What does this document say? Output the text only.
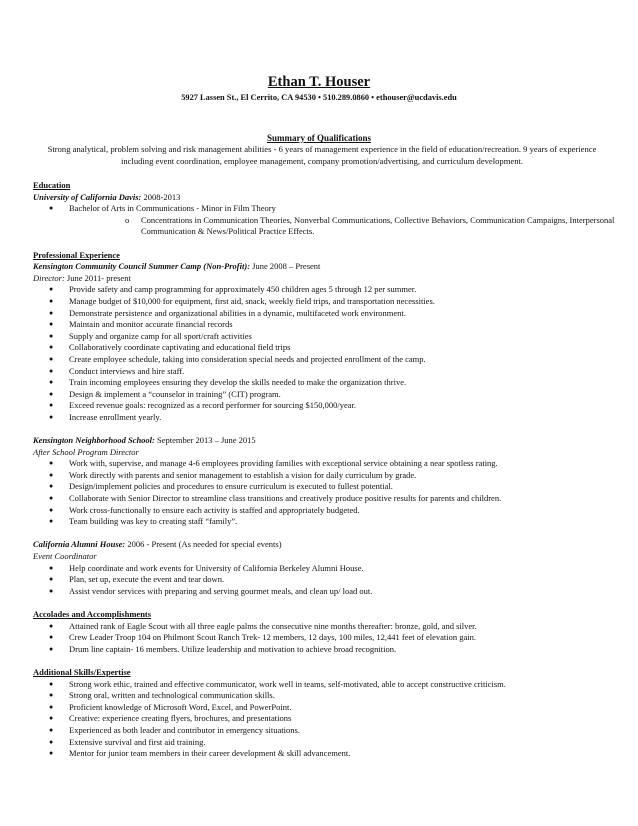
Ethan T. Houser
5927 Lassen St., El Cerrito, CA 94530 • 510.289.0860 • ethouser@ucdavis.edu
Summary of Qualifications
Strong analytical, problem solving and risk management abilities - 6 years of management experience in the field of education/recreation. 9 years of experience including event coordination, employee management, company promotion/advertising, and curriculum development.
Education
University of California Davis: 2008-2013
● Bachelor of Arts in Communications - Minor in Film Theory
o Concentrations in Communication Theories, Nonverbal Communications, Collective Behaviors, Communication Campaigns, Interpersonal Communication & News/Political Practice Effects.
Professional Experience
Kensington Community Council Summer Camp (Non-Profit): June 2008 – Present
Director: June 2011- present
● Provide safety and camp programming for approximately 450 children ages 5 through 12 per summer.
● Manage budget of $10,000 for equipment, first aid, snack, weekly field trips, and transportation necessities.
● Demonstrate persistence and organizational abilities in a dynamic, multifaceted work environment.
● Maintain and monitor accurate financial records
● Supply and organize camp for all sport/craft activities
● Collaboratively coordinate captivating and educational field trips
● Create employee schedule, taking into consideration special needs and projected enrollment of the camp.
● Conduct interviews and hire staff.
● Train incoming employees ensuring they develop the skills needed to make the organization thrive.
● Design & implement a “counselor in training” (CIT) program.
● Exceed revenue goals: recognized as a record performer for sourcing $150,000/year.
● Increase enrollment yearly.
Kensington Neighborhood School: September 2013 – June 2015
After School Program Director
● Work with, supervise, and manage 4-6 employees providing families with exceptional service obtaining a near spotless rating.
● Work directly with parents and senior management to establish a vision for daily curriculum by grade.
● Design/implement policies and procedures to ensure curriculum is executed to fullest potential.
● Collaborate with Senior Director to streamline class transitions and creatively produce positive results for parents and children.
● Work cross-functionally to ensure each activity is staffed and appropriately budgeted.
● Team building was key to creating staff “family”.
California Alumni House: 2006 - Present (As needed for special events)
Event Coordinator
● Help coordinate and work events for University of California Berkeley Alumni House.
● Plan, set up, execute the event and tear down.
● Assist vendor services with preparing and serving gourmet meals, and clean up/ load out.
Accolades and Accomplishments
● Attained rank of Eagle Scout with all three eagle palms the consecutive nine months thereafter: bronze, gold, and silver.
● Crew Leader Troop 104 on Philmont Scout Ranch Trek- 12 members, 12 days, 100 miles, 12,441 feet of elevation gain.
● Drum line captain- 16 members. Utilize leadership and motivation to achieve broad recognition.
Additional Skills/Expertise
● Strong work ethic, trained and effective communicator, work well in teams, self-motivated, able to accept constructive criticism.
● Strong oral, written and technological communication skills.
● Proficient knowledge of Microsoft Word, Excel, and PowerPoint.
● Creative: experience creating flyers, brochures, and presentations
● Experienced as both leader and contributor in emergency situations.
● Extensive survival and first aid training.
● Mentor for junior team members in their career development & skill advancement.
